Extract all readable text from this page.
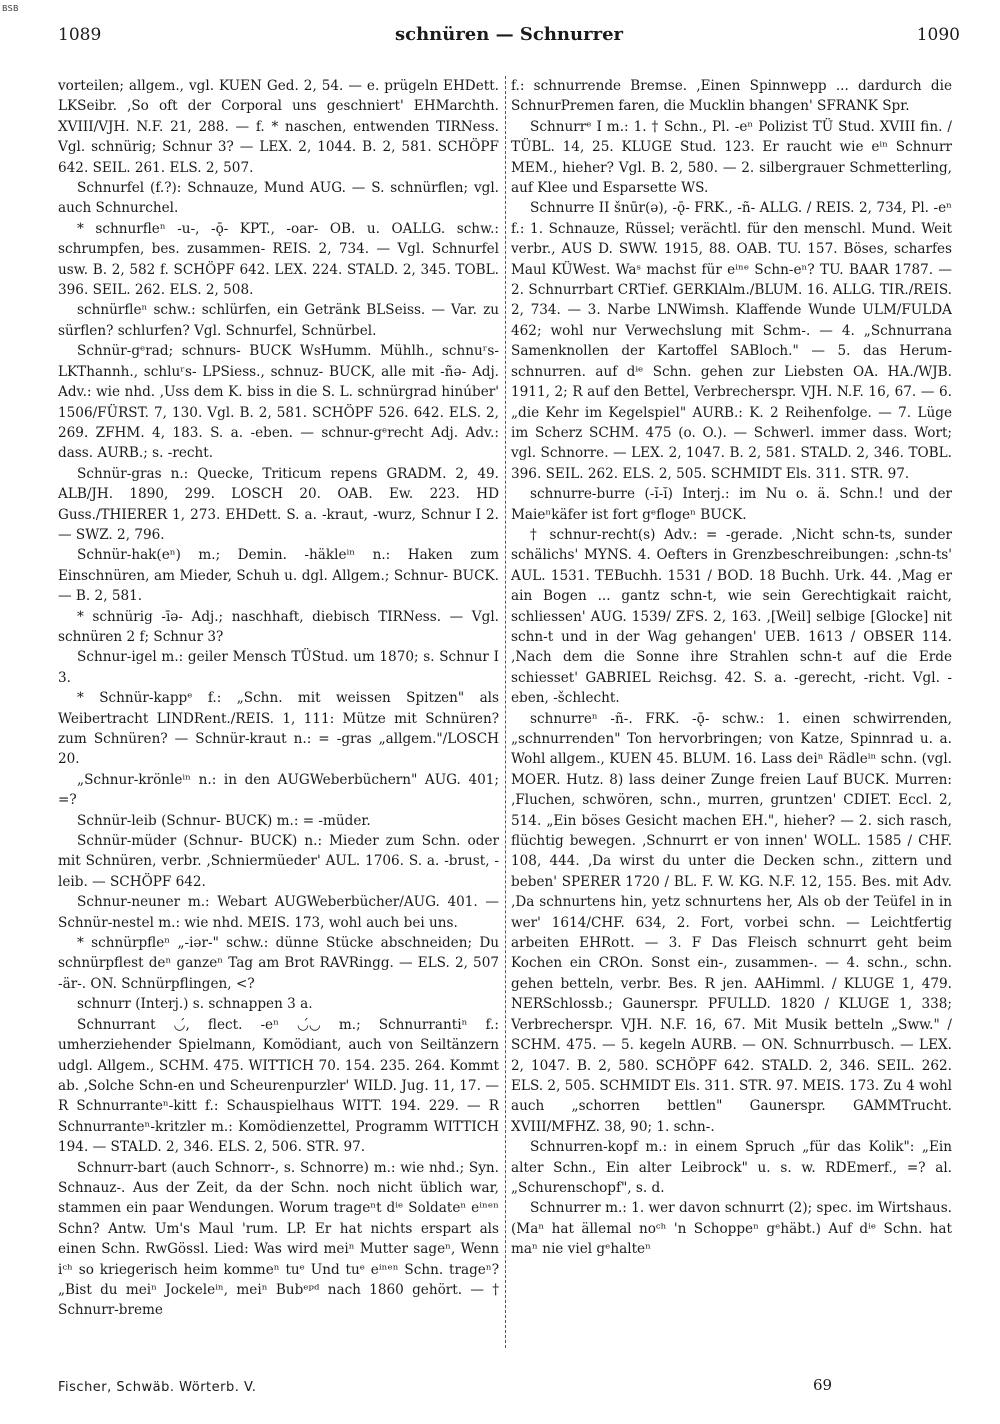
BSB
1089	schnüren — Schnurrer	1090

vorteilen; allgem., vgl. KUEN Ged. 2, 54. — e. prügeln EHDett. LKSeibr. ‚So oft der Corporal uns geschniert' EHMarchth. XVIII/VJH. N.F. 21, 288. — f. * naschen, entwenden TIRNess. Vgl. schnürig; Schnur 3? — LEX. 2, 1044. B. 2, 581. SCHÖPF 642. SEIL. 261. ELS. 2, 507.

Schnurfel (f.?): Schnauze, Mund AUG. — S. schnürflen; vgl. auch Schnurchel.

* schnurfleⁿ -u-, -ǭ- KPT., -oar- OB. u. OALLG. schw.: schrumpfen, bes. zusammen- REIS. 2, 734. — Vgl. Schnurfel usw. B. 2, 582 f. SCHÖPF 642. LEX. 224. STALD. 2, 345. TOBL. 396. SEIL. 262. ELS. 2, 508.

schnürfleⁿ schw.: schlürfen, ein Getränk BLSeiss. — Var. zu sürflen? schlurfen? Vgl. Schnurfel, Schnürbel.

Schnür-gᵉrad; schnurs- BUCK WsHumm. Mühlh., schnuʳs- LKThannh., schluʳs- LPSiess., schnuz- BUCK, alle mit -ñə- Adj. Adv.: wie nhd. ‚Uss dem K. biss in die S. L. schnürgrad hinúber' 1506/FÜRST. 7, 130. Vgl. B. 2, 581. SCHÖPF 526. 642. ELS. 2, 269. ZFHM. 4, 183. S. a. -eben. — schnur-gᵉrecht Adj. Adv.: dass. AURB.; s. -recht.

Schnür-gras n.: Quecke, Triticum repens GRADM. 2, 49. ALB/JH. 1890, 299. LOSCH 20. OAB. Ew. 223. HD Guss./THIERER 1, 273. EHDett. S. a. -kraut, -wurz, Schnur I 2. — SWZ. 2, 796.

Schnür-hak(eⁿ) m.; Demin. -häkleⁱⁿ n.: Haken zum Einschnüren, am Mieder, Schuh u. dgl. Allgem.; Schnur- BUCK. — B. 2, 581.

* schnürig -īə- Adj.; naschhaft, diebisch TIRNess. — Vgl. schnüren 2 f; Schnur 3?

Schnur-igel m.: geiler Mensch TÜStud. um 1870; s. Schnur I 3.

* Schnür-kappᵉ f.: „Schn. mit weissen Spitzen" als Weibertracht LINDRent./REIS. 1, 111: Mütze mit Schnüren? zum Schnüren? — Schnür-kraut n.: = -gras „allgem."/LOSCH 20.

„Schnur-krönleⁱⁿ n.: in den AUGWeberbüchern" AUG. 401; =?

Schnür-leib (Schnur- BUCK) m.: = -müder.

Schnür-müder (Schnur- BUCK) n.: Mieder zum Schn. oder mit Schnüren, verbr. ‚Schniermüeder' AUL. 1706. S. a. -brust, -leib. — SCHÖPF 642.

Schnur-neuner m.: Webart AUGWeberbücher/AUG. 401. — Schnür-nestel m.: wie nhd. MEIS. 173, wohl auch bei uns.

* schnürpfleⁿ „-iər-" schw.: dünne Stücke abschneiden; Du schnürpflest deⁿ ganzeⁿ Tag am Brot RAVRingg. — ELS. 2, 507 -är-. ON. Schnürpflingen, <?

schnurr (Interj.) s. schnappen 3 a.

Schnurrant ◡́, flect. -eⁿ ◡́◡ m.; Schnurrantiⁿ f.: umherziehender Spielmann, Komödiant, auch von Seiltänzern udgl. Allgem., SCHM. 475. WITTICH 70. 154. 235. 264. Kommt ab. ‚Solche Schn-en und Scheurenpurzler' WILD. Jug. 11, 17. — R Schnurranteⁿ-kitt f.: Schauspielhaus WITT. 194. 229. — R Schnurranteⁿ-kritzler m.: Komödienzettel, Programm WITTICH 194. — STALD. 2, 346. ELS. 2, 506. STR. 97.

Schnurr-bart (auch Schnorr-, s. Schnorre) m.: wie nhd.; Syn. Schnauz-. Aus der Zeit, da der Schn. noch nicht üblich war, stammen ein paar Wendungen. Worum trageⁿt dⁱᵉ Soldateⁿ eⁱⁿᵉⁿ Schn? Antw. Um's Maul 'rum. LP. Er hat nichts erspart als einen Schn. RwGössl. Lied: Was wird meiⁿ Mutter sageⁿ, Wenn iᶜʰ so kriegerisch heim kommeⁿ tuᵉ Und tuᵉ eⁱⁿᵉⁿ Schn. trageⁿ? „Bist du meiⁿ Jockeleⁱⁿ, meiⁿ Bubᵉᵖᵈ nach 1860 gehört. — † Schnurr-breme

f.: schnurrende Bremse. ‚Einen Spinnwepp ... dardurch die SchnurPremen faren, die Mucklin bhangen' SFRANK Spr.

Schnurrᵉ I m.: 1. † Schn., Pl. -eⁿ Polizist TÜ Stud. XVIII fin. / TÜBL. 14, 25. KLUGE Stud. 123. Er raucht wie eⁱⁿ Schnurr MEM., hieher? Vgl. B. 2, 580. — 2. silbergrauer Schmetterling, auf Klee und Esparsette WS.

Schnurre II šnūr(ə), -ǭ- FRK., -ñ- ALLG. / REIS. 2, 734, Pl. -eⁿ f.: 1. Schnauze, Rüssel; verächtl. für den menschl. Mund. Weit verbr., AUS D. SWW. 1915, 88. OAB. TU. 157. Böses, scharfes Maul KÜWest. Waˢ machst für eⁱⁿᵉ Schn-eⁿ? TU. BAAR 1787. — 2. Schnurrbart CRTief. GERKlAlm./BLUM. 16. ALLG. TIR./REIS. 2, 734. — 3. Narbe LNWimsh. Klaffende Wunde ULM/FULDA 462; wohl nur Verwechslung mit Schm-. — 4. „Schnurrana Samenknollen der Kartoffel SABloch." — 5. das Herum-schnurren. auf dⁱᵉ Schn. gehen zur Liebsten OA. HA./WJB. 1911, 2; R auf den Bettel, Verbrecherspr. VJH. N.F. 16, 67. — 6. „die Kehr im Kegelspiel" AURB.: K. 2 Reihenfolge. — 7. Lüge im Scherz SCHM. 475 (o. O.). — Schwerl. immer dass. Wort; vgl. Schnorre. — LEX. 2, 1047. B. 2, 581. STALD. 2, 346. TOBL. 396. SEIL. 262. ELS. 2, 505. SCHMIDT Els. 311. STR. 97.

schnurre-burre (-ĭ-ĭ) Interj.: im Nu o. ä. Schn.! und der Maieⁿkäfer ist fort gᵉflogeⁿ BUCK.

† schnur-recht(s) Adv.: = -gerade. ‚Nicht schn-ts, sunder schälichs' MYNS. 4. Oefters in Grenzbeschreibungen: ‚schn-ts' AUL. 1531. TEBuchh. 1531 / BOD. 18 Buchh. Urk. 44. ‚Mag er ain Bogen ... gantz schn-t, wie sein Gerechtigkait raicht, schliessen' AUG. 1539/ ZFS. 2, 163. ‚[Weil] selbige [Glocke] nit schn-t und in der Wag gehangen' UEB. 1613 / OBSER 114. ‚Nach dem die Sonne ihre Strahlen schn-t auf die Erde schiesset' GABRIEL Reichsg. 42. S. a. -gerecht, -richt. Vgl. -eben, -šchlecht.

schnurreⁿ -ñ-. FRK. -ǭ- schw.: 1. einen schwirrenden, „schnurrenden" Ton hervorbringen; von Katze, Spinnrad u. a. Wohl allgem., KUEN 45. BLUM. 16. Lass deiⁿ Rädleⁱⁿ schn. (vgl. MOER. Hutz. 8) lass deiner Zunge freien Lauf BUCK. Murren: ‚Fluchen, schwören, schn., murren, gruntzen' CDIET. Eccl. 2, 514. „Ein böses Gesicht machen EH.", hieher? — 2. sich rasch, flüchtig bewegen. ‚Schnurrt er von innen' WOLL. 1585 / CHF. 108, 444. ‚Da wirst du unter die Decken schn., zittern und beben' SPERER 1720 / BL. F. W. KG. N.F. 12, 155. Bes. mit Adv. ‚Da schnurtens hin, yetz schnurtens her, Als ob der Teüfel in in wer' 1614/CHF. 634, 2. Fort, vorbei schn. — Leichtfertig arbeiten EHRott. — 3. F Das Fleisch schnurrt geht beim Kochen ein CROn. Sonst ein-, zusammen-. — 4. schn., schn. gehen betteln, verbr. Bes. R jen. AAHimml. / KLUGE 1, 479. NERSchlossb.; Gaunerspr. PFULLD. 1820 / KLUGE 1, 338; Verbrecherspr. VJH. N.F. 16, 67. Mit Musik betteln „Sww." / SCHM. 475. — 5. kegeln AURB. — ON. Schnurrbusch. — LEX. 2, 1047. B. 2, 580. SCHÖPF 642. STALD. 2, 346. SEIL. 262. ELS. 2, 505. SCHMIDT Els. 311. STR. 97. MEIS. 173. Zu 4 wohl auch „schorren bettlen" Gaunerspr. GAMMTrucht. XVIII/MFHZ. 38, 90; 1. schn-.

Schnurren-kopf m.: in einem Spruch „für das Kolik": „Ein alter Schn., Ein alter Leibrock" u. s. w. RDEmerf., =? al. „Schurenschopf", s. d.

Schnurrer m.: 1. wer davon schnurrt (2); spec. im Wirtshaus. (Maⁿ hat ällemal noᶜʰ 'n Schoppeⁿ gᵉhäbt.) Auf dⁱᵉ Schn. hat maⁿ nie viel gᵉhalteⁿ

Fischer, Schwäb. Wörterb. V.	69
